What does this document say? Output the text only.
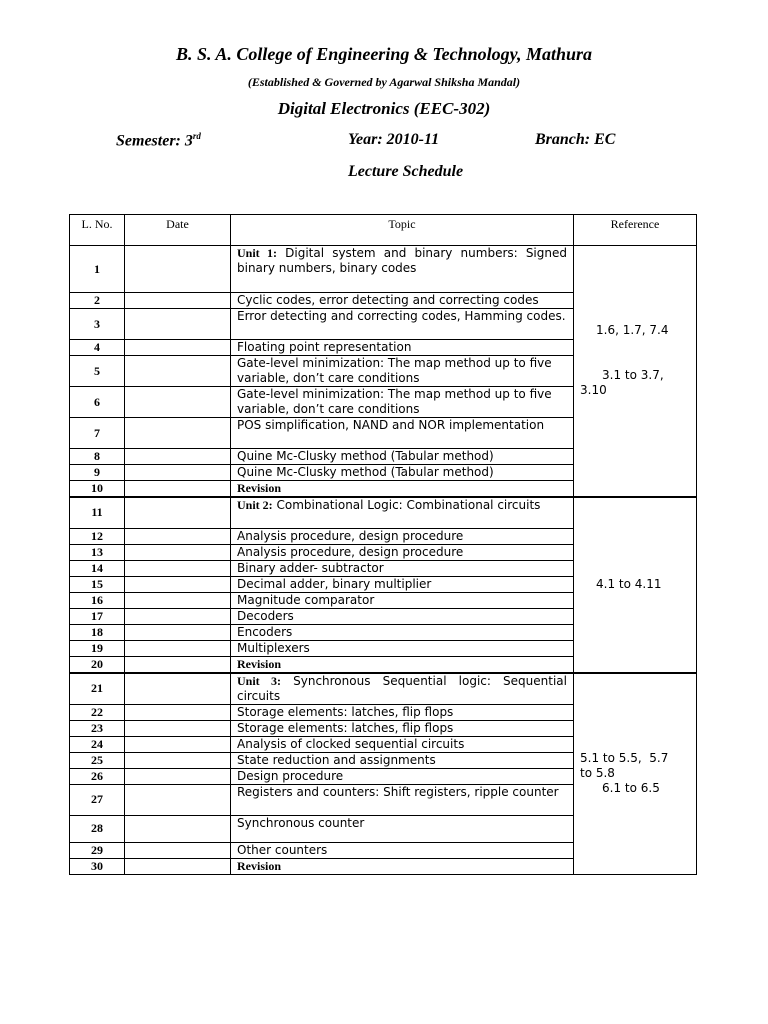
B. S. A. College of Engineering & Technology, Mathura
(Established & Governed by Agarwal Shiksha Mandal)
Digital Electronics (EEC-302)
Semester: 3rd	Year: 2010-11	Branch: EC
Lecture Schedule
L. No.	Date	Topic	Reference
1		Unit 1: Digital system and binary numbers: Signed binary numbers, binary codes	1.6, 1.7, 7.4

3.1 to 3.7,
3.10

2		Cyclic codes, error detecting and correcting codes	
3		Error detecting and correcting codes, Hamming codes.	
4		Floating point representation	
5		Gate-level minimization: The map method up to five variable, don’t care conditions	
6		Gate-level minimization: The map method up to five variable, don’t care conditions	
7		POS simplification, NAND and NOR implementation	
8		Quine Mc-Clusky method (Tabular method)	
9		Quine Mc-Clusky method (Tabular method)	
10		Revision	
11		Unit 2: Combinational Logic: Combinational circuits	4.1 to 4.11

12		Analysis procedure, design procedure	
13		Analysis procedure, design procedure	
14		Binary adder- subtractor	
15		Decimal adder, binary multiplier	
16		Magnitude comparator	
17		Decoders	
18		Encoders	
19		Multiplexers	
20		Revision	
21		Unit 3: Synchronous Sequential logic: Sequential circuits	5.1 to 5.5,  5.7
to 5.8
6.1 to 6.5

22		Storage elements: latches, flip flops	
23		Storage elements: latches, flip flops	
24		Analysis of clocked sequential circuits	
25		State reduction and assignments	
26		Design procedure	
27		Registers and counters: Shift registers, ripple counter	
28		Synchronous counter	
29		Other counters	
30		Revision	
